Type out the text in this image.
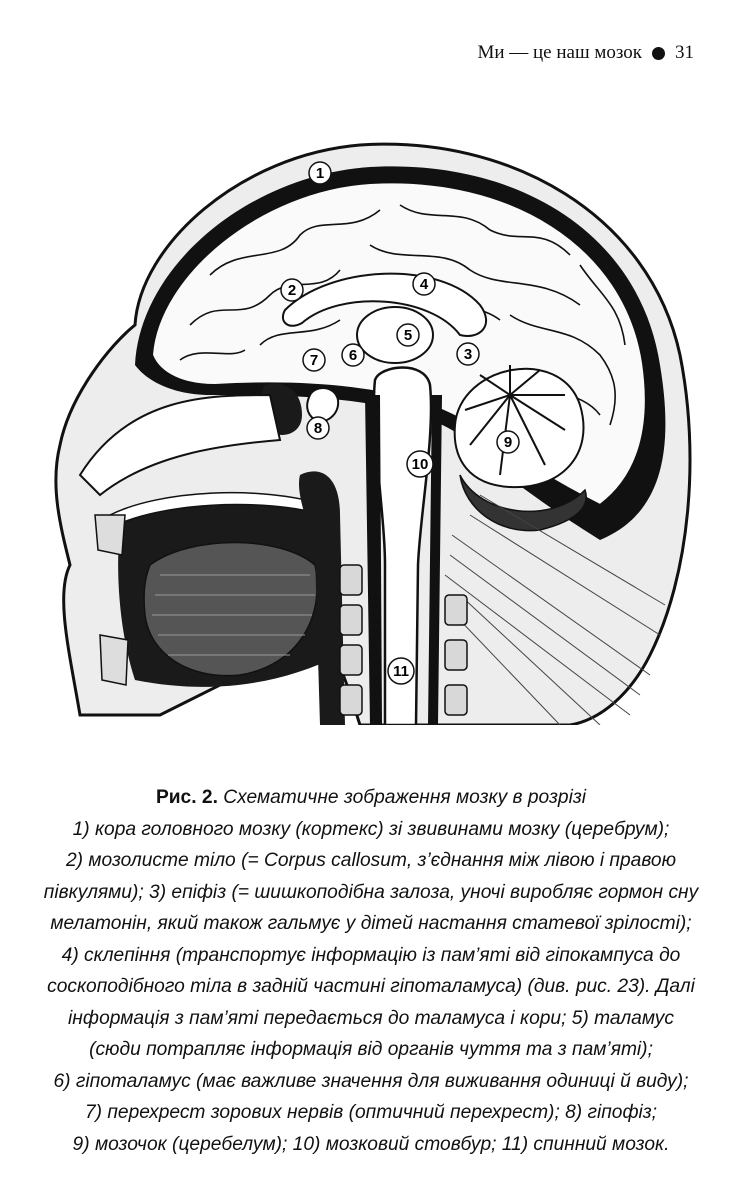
Ми — це наш мозок 31
1
2
3
4
5
6
7
8
9
10
11
Рис. 2. Схематичне зображення мозку в розрізі
1) кора головного мозку (кортекс) зі звивинами мозку (церебрум);
2) мозолисте тіло (= Corpus callosum, з’єднання між лівою і правою
півкулями); 3) епіфіз (= шишкоподібна залоза, уночі виробляє гормон сну
мелатонін, який також гальмує у дітей настання статевої зрілості);
4) склепіння (транспортує інформацію із пам’яті від гіпокампуса до
соскоподібного тіла в задній частині гіпоталамуса) (див. рис. 23). Далі
інформація з пам’яті передається до таламуса і кори; 5) таламус
(сюди потрапляє інформація від органів чуття та з пам’яті);
6) гіпоталамус (має важливе значення для виживання одиниці й виду);
7) перехрест зорових нервів (оптичний перехрест); 8) гіпофіз;
9) мозочок (церебелум); 10) мозковий стовбур; 11) спинний мозок.
